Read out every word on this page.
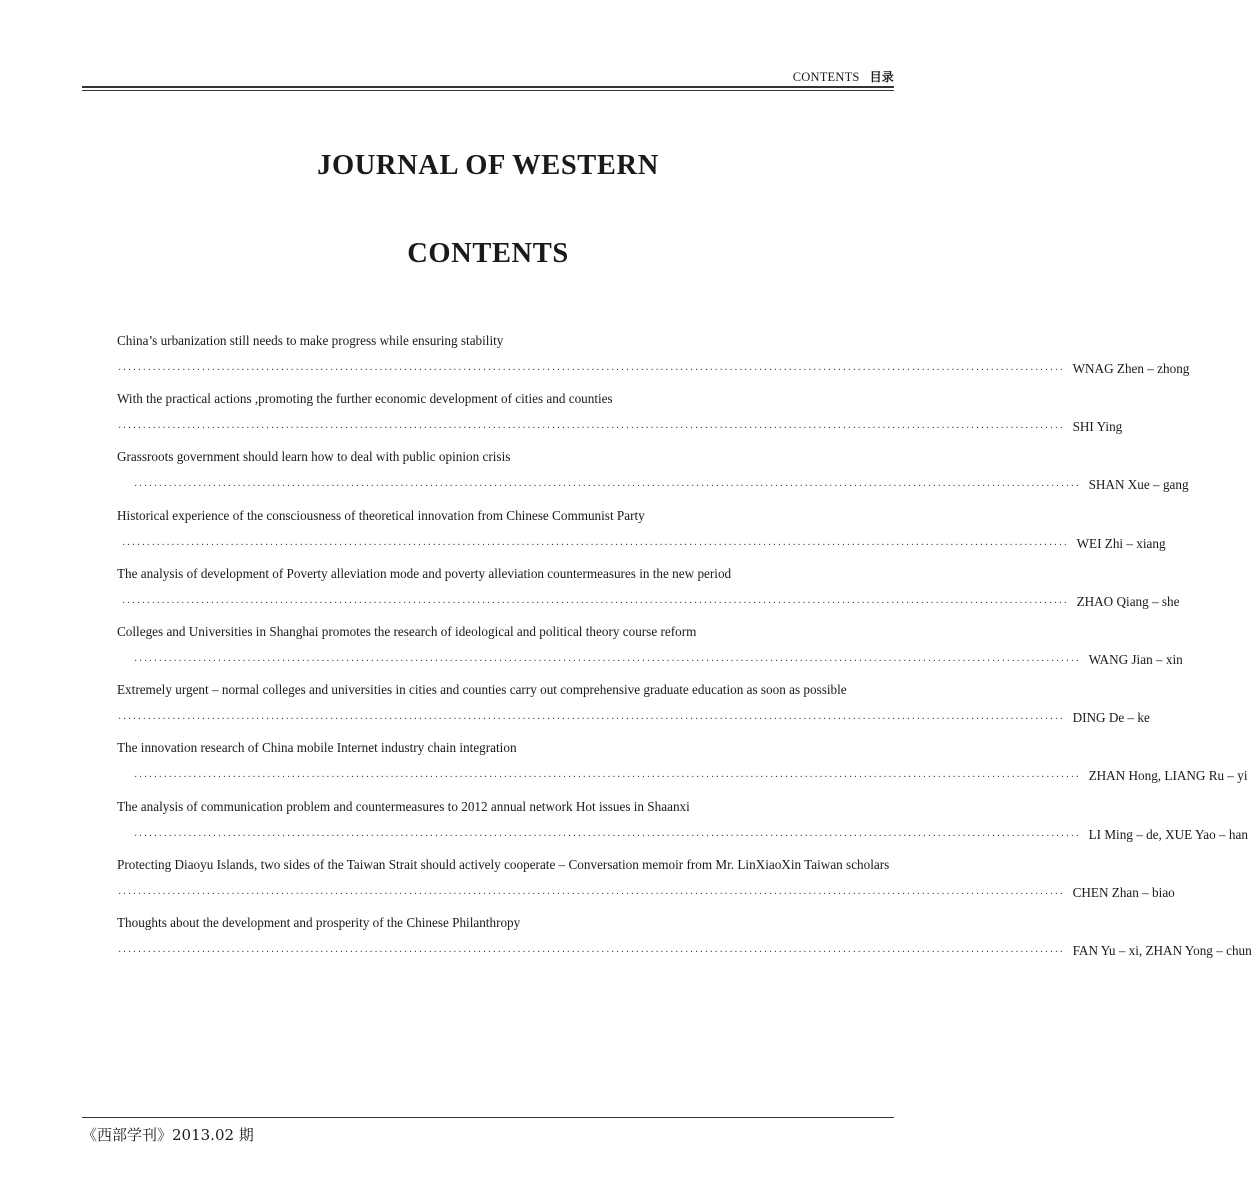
CONTENTS 目录
JOURNAL OF WESTERN
CONTENTS
China’s urbanization still needs to make progress while ensuring stability
································································································································································································ WNAG Zhen – zhong
With the practical actions ,promoting the further economic development of cities and counties
································································································································································································ SHI Ying
Grassroots government should learn how to deal with public opinion crisis
································································································································································································ SHAN Xue – gang
Historical experience of the consciousness of theoretical innovation from Chinese Communist Party
································································································································································································ WEI Zhi – xiang
The analysis of development of Poverty alleviation mode and poverty alleviation countermeasures in the new period
································································································································································································ ZHAO Qiang – she
Colleges and Universities in Shanghai promotes the research of ideological and political theory course reform
································································································································································································ WANG Jian – xin
Extremely urgent – normal colleges and universities in cities and counties carry out comprehensive graduate education as soon as possible
································································································································································································ DING De – ke
The innovation research of China mobile Internet industry chain integration
································································································································································································ ZHAN Hong, LIANG Ru – yi
The analysis of communication problem and countermeasures to 2012 annual network Hot issues in Shaanxi
································································································································································································ LI Ming – de, XUE Yao – han
Protecting Diaoyu Islands, two sides of the Taiwan Strait should actively cooperate – Conversation memoir from Mr. LinXiaoXin Taiwan scholars
································································································································································································ CHEN Zhan – biao
Thoughts about the development and prosperity of the Chinese Philanthropy
································································································································································································ FAN Yu – xi, ZHAN Yong – chun
《西部学刊》2013.02 期
